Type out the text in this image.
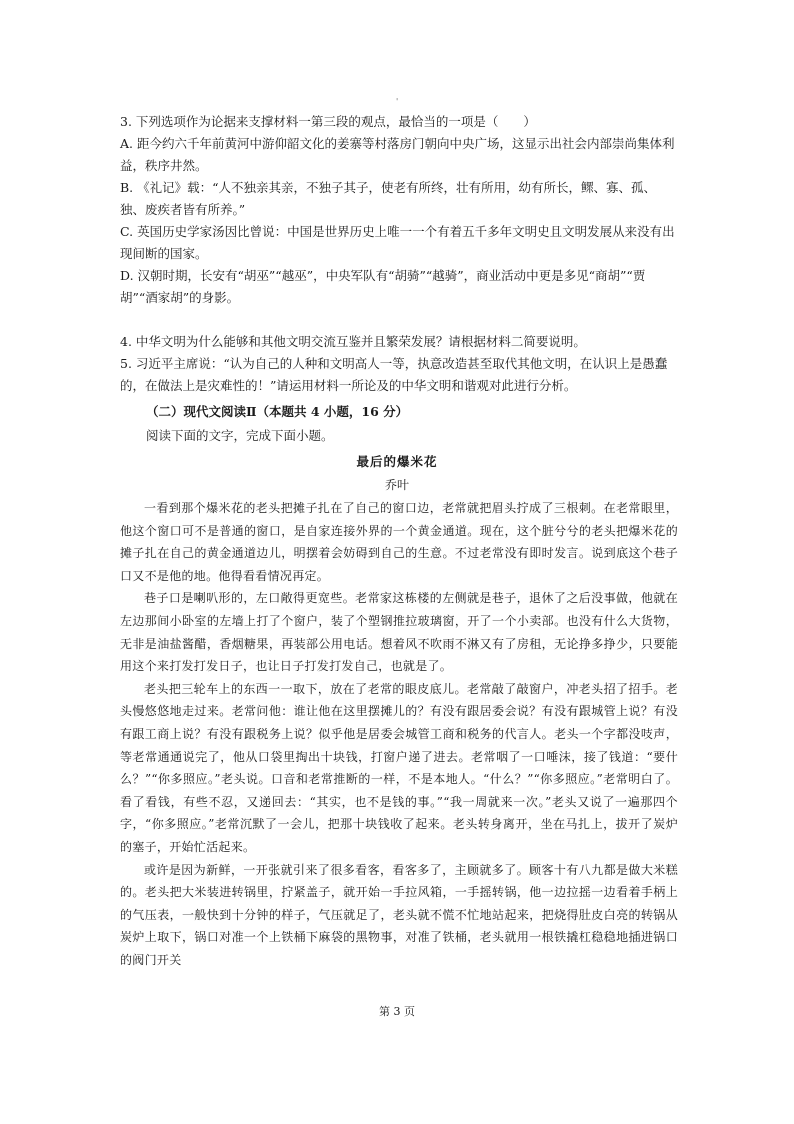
'

3. 下列选项作为论据来支撑材料一第三段的观点，最恰当的一项是（　　）

A. 距今约六千年前黄河中游仰韶文化的姜寨等村落房门朝向中央广场，这显示出社会内部崇尚集体利益，秩序井然。

B. 《礼记》载：“人不独亲其亲，不独子其子，使老有所终，壮有所用，幼有所长，鳏、寡、孤、独、废疾者皆有所养。”

C. 英国历史学家汤因比曾说：中国是世界历史上唯一一个有着五千多年文明史且文明发展从来没有出现间断的国家。

D. 汉朝时期，长安有“胡巫”“越巫”，中央军队有“胡骑”“越骑”，商业活动中更是多见“商胡”“贾胡”“酒家胡”的身影。

4. 中华文明为什么能够和其他文明交流互鉴并且繁荣发展？请根据材料二简要说明。

5. 习近平主席说：“认为自己的人种和文明高人一等，执意改造甚至取代其他文明，在认识上是愚蠢的，在做法上是灾难性的！”请运用材料一所论及的中华文明和谐观对此进行分析。

（二）现代文阅读Ⅱ（本题共 4 小题，16 分）
阅读下面的文字，完成下面小题。
最后的爆米花
乔叶

一看到那个爆米花的老头把摊子扎在了自己的窗口边，老常就把眉头拧成了三根刺。在老常眼里，他这个窗口可不是普通的窗口，是自家连接外界的一个黄金通道。现在，这个脏兮兮的老头把爆米花的摊子扎在自己的黄金通道边儿，明摆着会妨碍到自己的生意。不过老常没有即时发言。说到底这个巷子口又不是他的地。他得看看情况再定。

巷子口是喇叭形的，左口敞得更宽些。老常家这栋楼的左侧就是巷子，退休了之后没事做，他就在左边那间小卧室的左墙上打了个窗户，装了个塑钢推拉玻璃窗，开了一个小卖部。也没有什么大货物，无非是油盐酱醋，香烟糖果，再装部公用电话。想着风不吹雨不淋又有了房租，无论挣多挣少，只要能用这个来打发打发日子，也让日子打发打发自己，也就是了。

老头把三轮车上的东西一一取下，放在了老常的眼皮底儿。老常敲了敲窗户，冲老头招了招手。老头慢悠悠地走过来。老常问他：谁让他在这里摆摊儿的？有没有跟居委会说？有没有跟城管上说？有没有跟工商上说？有没有跟税务上说？似乎他是居委会城管工商和税务的代言人。老头一个字都没吱声，等老常通通说完了，他从口袋里掏出十块钱，打窗户递了进去。老常咽了一口唾沫，接了钱道：“要什么？”“你多照应。”老头说。口音和老常推断的一样，不是本地人。“什么？”“你多照应。”老常明白了。看了看钱，有些不忍，又递回去：“其实，也不是钱的事。”“我一周就来一次。”老头又说了一遍那四个字，“你多照应。”老常沉默了一会儿，把那十块钱收了起来。老头转身离开，坐在马扎上，拔开了炭炉的塞子，开始忙活起来。

或许是因为新鲜，一开张就引来了很多看客，看客多了，主顾就多了。顾客十有八九都是做大米糕的。老头把大米装进转锅里，拧紧盖子，就开始一手拉风箱，一手摇转锅，他一边拉摇一边看着手柄上的气压表，一般快到十分钟的样子，气压就足了，老头就不慌不忙地站起来，把烧得肚皮白亮的转锅从炭炉上取下，锅口对准一个上铁桶下麻袋的黑物事，对准了铁桶，老头就用一根铁撬杠稳稳地插进锅口的阀门开关

第 3 页
